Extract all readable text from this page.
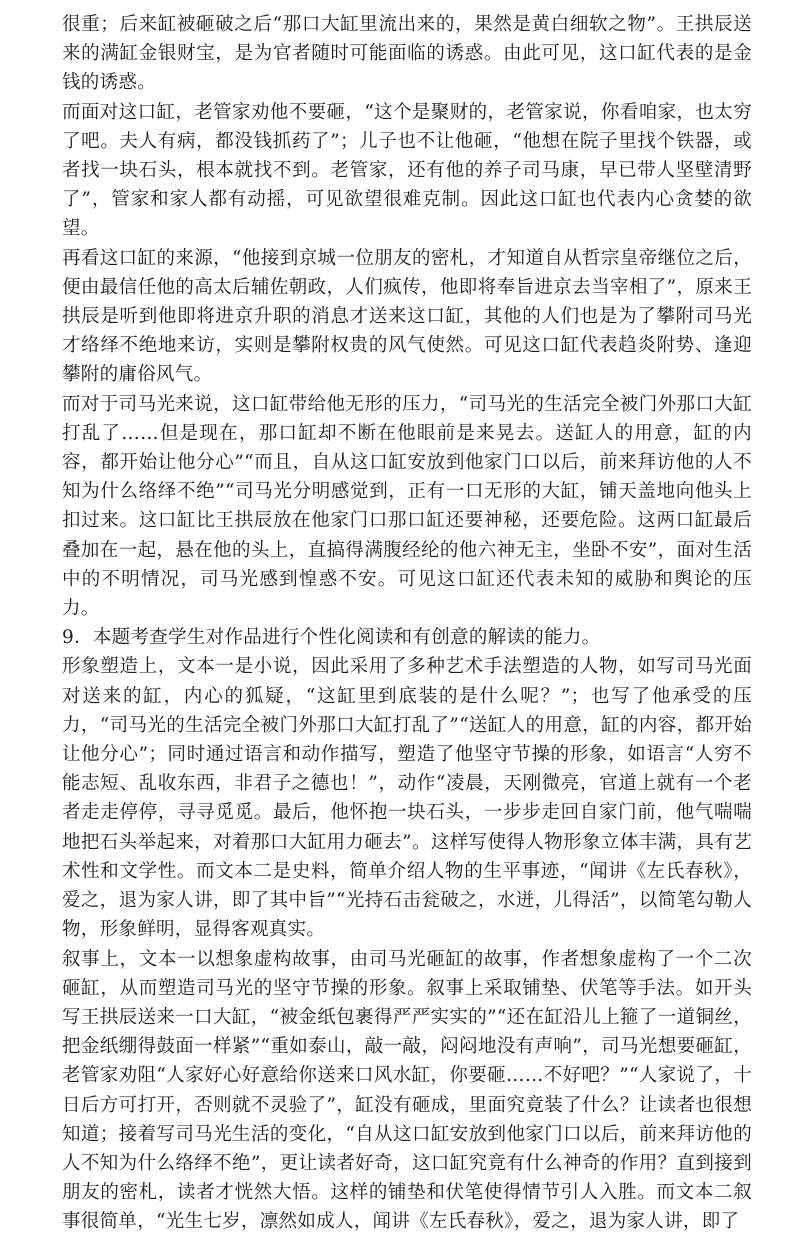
很重；后来缸被砸破之后“那口大缸里流出来的，果然是黄白细软之物”。王拱辰送来的满缸金银财宝，是为官者随时可能面临的诱惑。由此可见，这口缸代表的是金钱的诱惑。

而面对这口缸，老管家劝他不要砸，“这个是聚财的，老管家说，你看咱家，也太穷了吧。夫人有病，都没钱抓药了”；儿子也不让他砸，“他想在院子里找个铁器，或者找一块石头，根本就找不到。老管家，还有他的养子司马康，早已带人坚壁清野了”，管家和家人都有动摇，可见欲望很难克制。因此这口缸也代表内心贪婪的欲望。

再看这口缸的来源，“他接到京城一位朋友的密札，才知道自从哲宗皇帝继位之后，便由最信任他的高太后辅佐朝政，人们疯传，他即将奉旨进京去当宰相了”，原来王拱辰是听到他即将进京升职的消息才送来这口缸，其他的人们也是为了攀附司马光才络绎不绝地来访，实则是攀附权贵的风气使然。可见这口缸代表趋炎附势、逢迎攀附的庸俗风气。

而对于司马光来说，这口缸带给他无形的压力，“司马光的生活完全被门外那口大缸打乱了……但是现在，那口缸却不断在他眼前是来晃去。送缸人的用意，缸的内容，都开始让他分心”“而且，自从这口缸安放到他家门口以后，前来拜访他的人不知为什么络绎不绝”“司马光分明感觉到，正有一口无形的大缸，铺天盖地向他头上扣过来。这口缸比王拱辰放在他家门口那口缸还要神秘，还要危险。这两口缸最后叠加在一起，悬在他的头上，直搞得满腹经纶的他六神无主，坐卧不安”，面对生活中的不明情况，司马光感到惶惑不安。可见这口缸还代表未知的威胁和舆论的压力。

9．本题考查学生对作品进行个性化阅读和有创意的解读的能力。

形象塑造上，文本一是小说，因此采用了多种艺术手法塑造的人物，如写司马光面对送来的缸，内心的狐疑，“这缸里到底装的是什么呢？”；也写了他承受的压力，“司马光的生活完全被门外那口大缸打乱了”“送缸人的用意，缸的内容，都开始让他分心”；同时通过语言和动作描写，塑造了他坚守节操的形象，如语言“人穷不能志短、乱收东西，非君子之德也！”，动作“凌晨，天刚微亮，官道上就有一个老者走走停停，寻寻觅觅。最后，他怀抱一块石头，一步步走回自家门前，他气喘喘地把石头举起来，对着那口大缸用力砸去”。这样写使得人物形象立体丰满，具有艺术性和文学性。而文本二是史料，简单介绍人物的生平事迹，“闻讲《左氏春秋》，爱之，退为家人讲，即了其中旨”“光持石击瓮破之，水迸，儿得活”，以简笔勾勒人物，形象鲜明，显得客观真实。

叙事上，文本一以想象虚构故事，由司马光砸缸的故事，作者想象虚构了一个二次砸缸，从而塑造司马光的坚守节操的形象。叙事上采取铺垫、伏笔等手法。如开头写王拱辰送来一口大缸，“被金纸包裹得严严实实的”“还在缸沿儿上箍了一道铜丝，把金纸绷得鼓面一样紧”“重如泰山，敲一敲，闷闷地没有声响”，司马光想要砸缸，老管家劝阻“人家好心好意给你送来口风水缸，你要砸……不好吧？”“人家说了，十日后方可打开，否则就不灵验了”，缸没有砸成，里面究竟装了什么？让读者也很想知道；接着写司马光生活的变化，“自从这口缸安放到他家门口以后，前来拜访他的人不知为什么络绎不绝”，更让读者好奇，这口缸究竟有什么神奇的作用？直到接到朋友的密札，读者才恍然大悟。这样的铺垫和伏笔使得情节引人入胜。而文本二叙事很简单，“光生七岁，凛然如成人，闻讲《左氏春秋》，爱之，退为家人讲，即了
